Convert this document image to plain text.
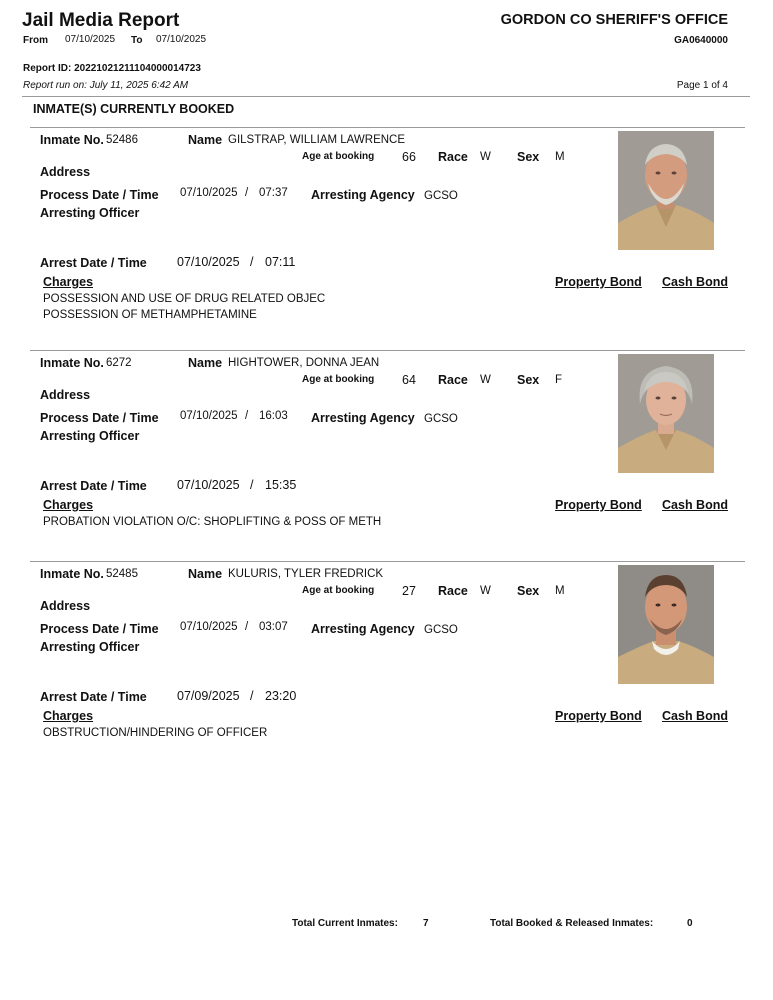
Jail Media Report	GORDON CO SHERIFF'S OFFICE
From 07/10/2025 To 07/10/2025	GA0640000
Report ID: 20221021211104000014723
Report run on: July 11, 2025 6:42 AM	Page 1 of 4
INMATE(S) CURRENTLY BOOKED
Inmate No. 52486	Name GILSTRAP, WILLIAM LAWRENCE
Age at booking 66 Race W Sex M
Address
Process Date / Time 07/10/2025 / 07:37 Arresting Agency GCSO
Arresting Officer
Arrest Date / Time 07/10/2025 / 07:11
Charges	Property Bond Cash Bond
POSSESSION AND USE OF DRUG RELATED OBJEC
POSSESSION OF METHAMPHETAMINE
Inmate No. 6272	Name HIGHTOWER, DONNA JEAN
Age at booking 64 Race W Sex F
Address
Process Date / Time 07/10/2025 / 16:03 Arresting Agency GCSO
Arresting Officer
Arrest Date / Time 07/10/2025 / 15:35
Charges	Property Bond Cash Bond
PROBATION VIOLATION O/C: SHOPLIFTING & POSS OF METH
Inmate No. 52485	Name KULURIS, TYLER FREDRICK
Age at booking 27 Race W Sex M
Address
Process Date / Time 07/10/2025 / 03:07 Arresting Agency GCSO
Arresting Officer
Arrest Date / Time 07/09/2025 / 23:20
Charges	Property Bond Cash Bond
OBSTRUCTION/HINDERING OF OFFICER
Total Current Inmates:	7	Total Booked & Released Inmates:	0
